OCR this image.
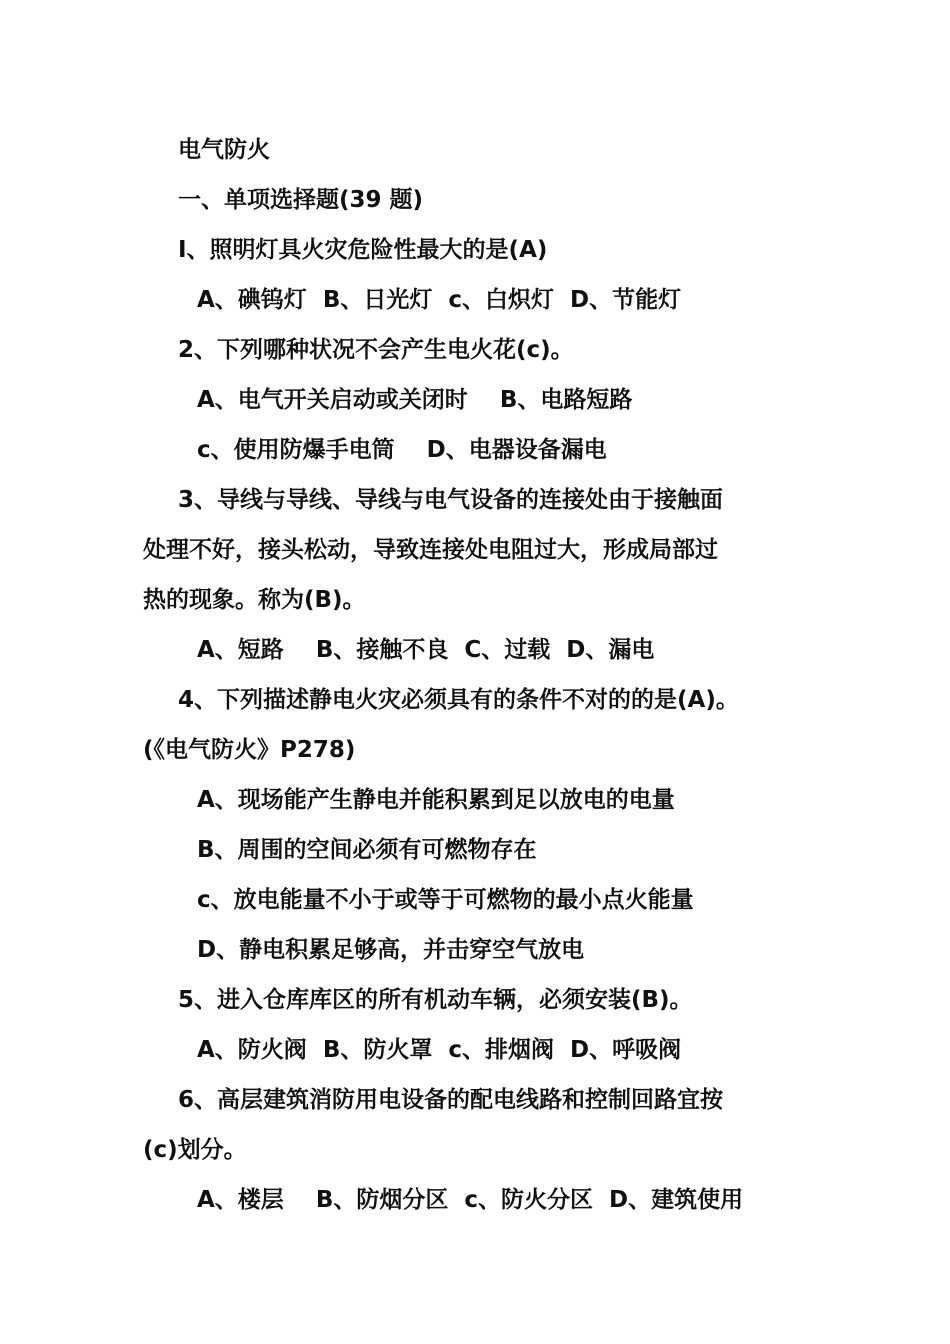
电气防火
一、单项选择题(39 题)
I、照明灯具火灾危险性最大的是(A)
A、碘钨灯  B、日光灯  c、白炽灯  D、节能灯
2、下列哪种状况不会产生电火花(c)。
A、电气开关启动或关闭时    B、电路短路
c、使用防爆手电筒    D、电器设备漏电
3、导线与导线、导线与电气设备的连接处由于接触面
处理不好，接头松动，导致连接处电阻过大，形成局部过
热的现象。称为(B)。
A、短路    B、接触不良  C、过载  D、漏电
4、下列描述静电火灾必须具有的条件不对的的是(A)。
(《电气防火》P278)
A、现场能产生静电并能积累到足以放电的电量
B、周围的空间必须有可燃物存在
c、放电能量不小于或等于可燃物的最小点火能量
D、静电积累足够高，并击穿空气放电
5、进入仓库库区的所有机动车辆，必须安装(B)。
A、防火阀  B、防火罩  c、排烟阀  D、呼吸阀
6、高层建筑消防用电设备的配电线路和控制回路宜按
(c)划分。
A、楼层    B、防烟分区  c、防火分区  D、建筑使用
